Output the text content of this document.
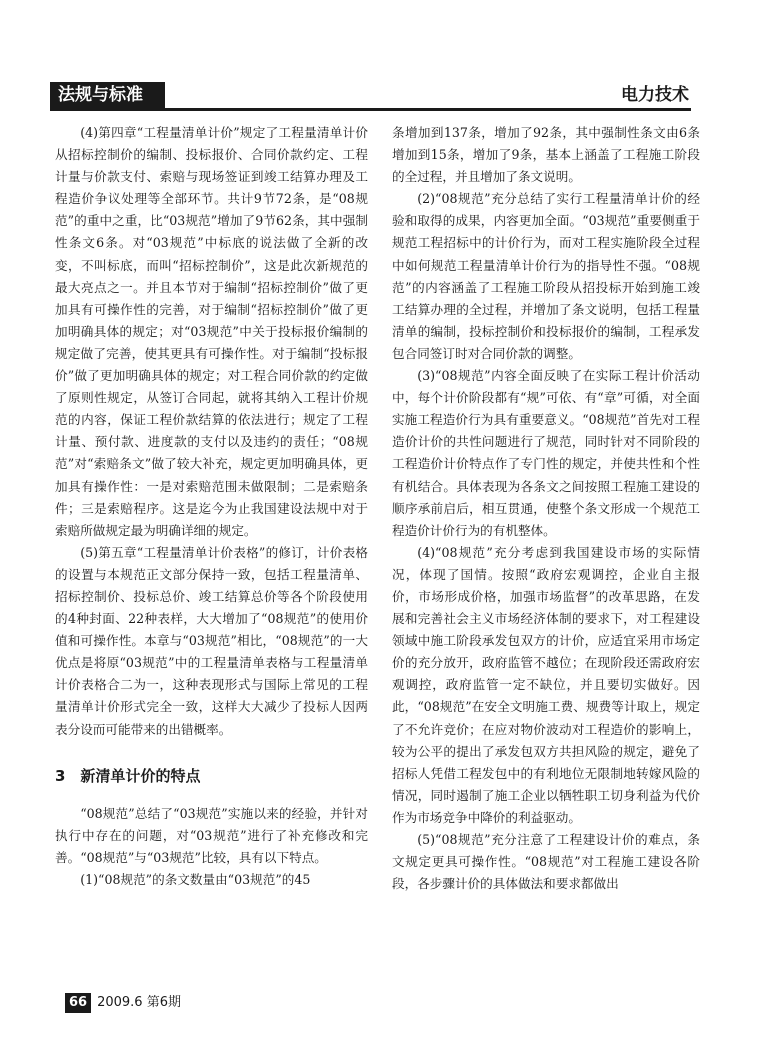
法规与标准	电力技术

(4)第四章“工程量清单计价”规定了工程量清单计价从招标控制价的编制、投标报价、合同价款约定、工程计量与价款支付、索赔与现场签证到竣工结算办理及工程造价争议处理等全部环节。共计9节72条，是“08规范”的重中之重，比“03规范”增加了9节62条，其中强制性条文6条。对“03规范”中标底的说法做了全新的改变，不叫标底，而叫“招标控制价”，这是此次新规范的最大亮点之一。并且本节对于编制“招标控制价”做了更加具有可操作性的完善，对于编制“招标控制价”做了更加明确具体的规定；对“03规范”中关于投标报价编制的规定做了完善，使其更具有可操作性。对于编制“投标报价”做了更加明确具体的规定；对工程合同价款的约定做了原则性规定，从签订合同起，就将其纳入工程计价规范的内容，保证工程价款结算的依法进行；规定了工程计量、预付款、进度款的支付以及违约的责任；“08规范”对“索赔条文”做了较大补充，规定更加明确具体，更加具有操作性：一是对索赔范围未做限制；二是索赔条件；三是索赔程序。这是迄今为止我国建设法规中对于索赔所做规定最为明确详细的规定。

(5)第五章“工程量清单计价表格”的修订，计价表格的设置与本规范正文部分保持一致，包括工程量清单、招标控制价、投标总价、竣工结算总价等各个阶段使用的4种封面、22种表样，大大增加了“08规范”的使用价值和可操作性。本章与“03规范”相比，“08规范”的一大优点是将原“03规范”中的工程量清单表格与工程量清单计价表格合二为一，这种表现形式与国际上常见的工程量清单计价形式完全一致，这样大大减少了投标人因两表分设而可能带来的出错概率。

3　新清单计价的特点

“08规范”总结了“03规范”实施以来的经验，并针对执行中存在的问题，对“03规范”进行了补充修改和完善。“08规范”与“03规范”比较，具有以下特点。

(1)“08规范”的条文数量由“03规范”的45

条增加到137条，增加了92条，其中强制性条文由6条增加到15条，增加了9条，基本上涵盖了工程施工阶段的全过程，并且增加了条文说明。

(2)“08规范”充分总结了实行工程量清单计价的经验和取得的成果，内容更加全面。“03规范”重要侧重于规范工程招标中的计价行为，而对工程实施阶段全过程中如何规范工程量清单计价行为的指导性不强。“08规范”的内容涵盖了工程施工阶段从招投标开始到施工竣工结算办理的全过程，并增加了条文说明，包括工程量清单的编制，投标控制价和投标报价的编制，工程承发包合同签订时对合同价款的调整。

(3)“08规范”内容全面反映了在实际工程计价活动中，每个计价阶段都有“规”可依、有“章”可循，对全面实施工程造价行为具有重要意义。“08规范”首先对工程造价计价的共性问题进行了规范，同时针对不同阶段的工程造价计价特点作了专门性的规定，并使共性和个性有机结合。具体表现为各条文之间按照工程施工建设的顺序承前启后，相互贯通，使整个条文形成一个规范工程造价计价行为的有机整体。

(4)“08规范”充分考虑到我国建设市场的实际情况，体现了国情。按照“政府宏观调控，企业自主报价，市场形成价格，加强市场监督”的改革思路，在发展和完善社会主义市场经济体制的要求下，对工程建设领域中施工阶段承发包双方的计价，应适宜采用市场定价的充分放开，政府监管不越位；在现阶段还需政府宏观调控，政府监管一定不缺位，并且要切实做好。因此，“08规范”在安全文明施工费、规费等计取上，规定了不允许竞价；在应对物价波动对工程造价的影响上，较为公平的提出了承发包双方共担风险的规定，避免了招标人凭借工程发包中的有利地位无限制地转嫁风险的情况，同时遏制了施工企业以牺牲职工切身利益为代价作为市场竞争中降价的利益驱动。

(5)“08规范”充分注意了工程建设计价的难点，条文规定更具可操作性。“08规范”对工程施工建设各阶段，各步骤计价的具体做法和要求都做出

66 2009.6 第6期
